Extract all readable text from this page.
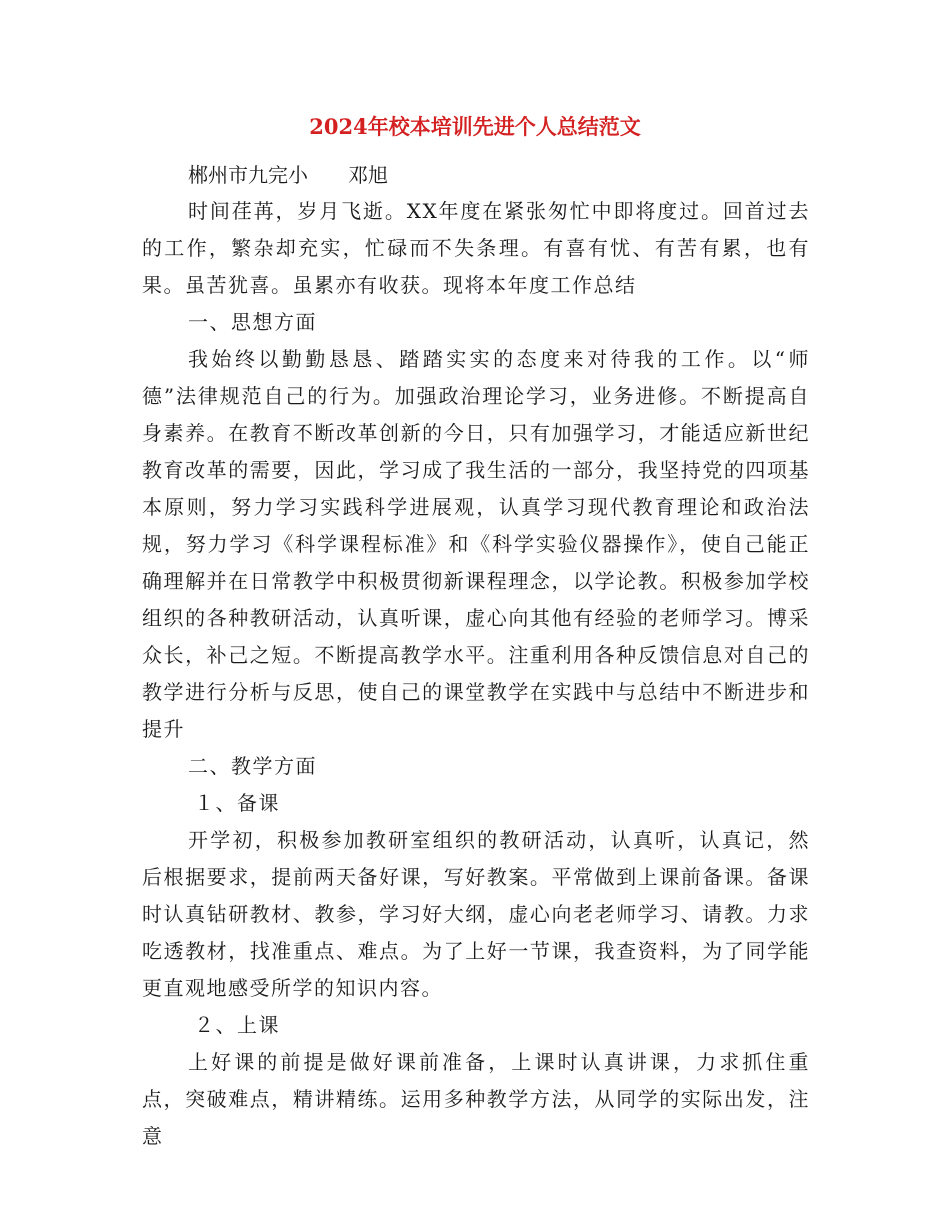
2024年校本培训先进个人总结范文
郴州市九完小　　邓旭

时间荏苒，岁月飞逝。XX年度在紧张匆忙中即将度过。回首过去的工作，繁杂却充实，忙碌而不失条理。有喜有忧、有苦有累，也有果。虽苦犹喜。虽累亦有收获。现将本年度工作总结

一、思想方面

我始终以勤勤恳恳、踏踏实实的态度来对待我的工作。以“师德”法律规范自己的行为。加强政治理论学习，业务进修。不断提高自身素养。在教育不断改革创新的今日，只有加强学习，才能适应新世纪教育改革的需要，因此，学习成了我生活的一部分，我坚持党的四项基本原则，努力学习实践科学进展观，认真学习现代教育理论和政治法规，努力学习《科学课程标准》和《科学实验仪器操作》，使自己能正确理解并在日常教学中积极贯彻新课程理念，以学论教。积极参加学校组织的各种教研活动，认真听课，虚心向其他有经验的老师学习。博采众长，补己之短。不断提高教学水平。注重利用各种反馈信息对自己的教学进行分析与反思，使自己的课堂教学在实践中与总结中不断进步和提升

二、教学方面

１、备课

开学初，积极参加教研室组织的教研活动，认真听，认真记，然后根据要求，提前两天备好课，写好教案。平常做到上课前备课。备课时认真钻研教材、教参，学习好大纲，虚心向老老师学习、请教。力求吃透教材，找准重点、难点。为了上好一节课，我查资料，为了同学能更直观地感受所学的知识内容。

２、上课

上好课的前提是做好课前准备，上课时认真讲课，力求抓住重点，突破难点，精讲精练。运用多种教学方法，从同学的实际出发，注意
